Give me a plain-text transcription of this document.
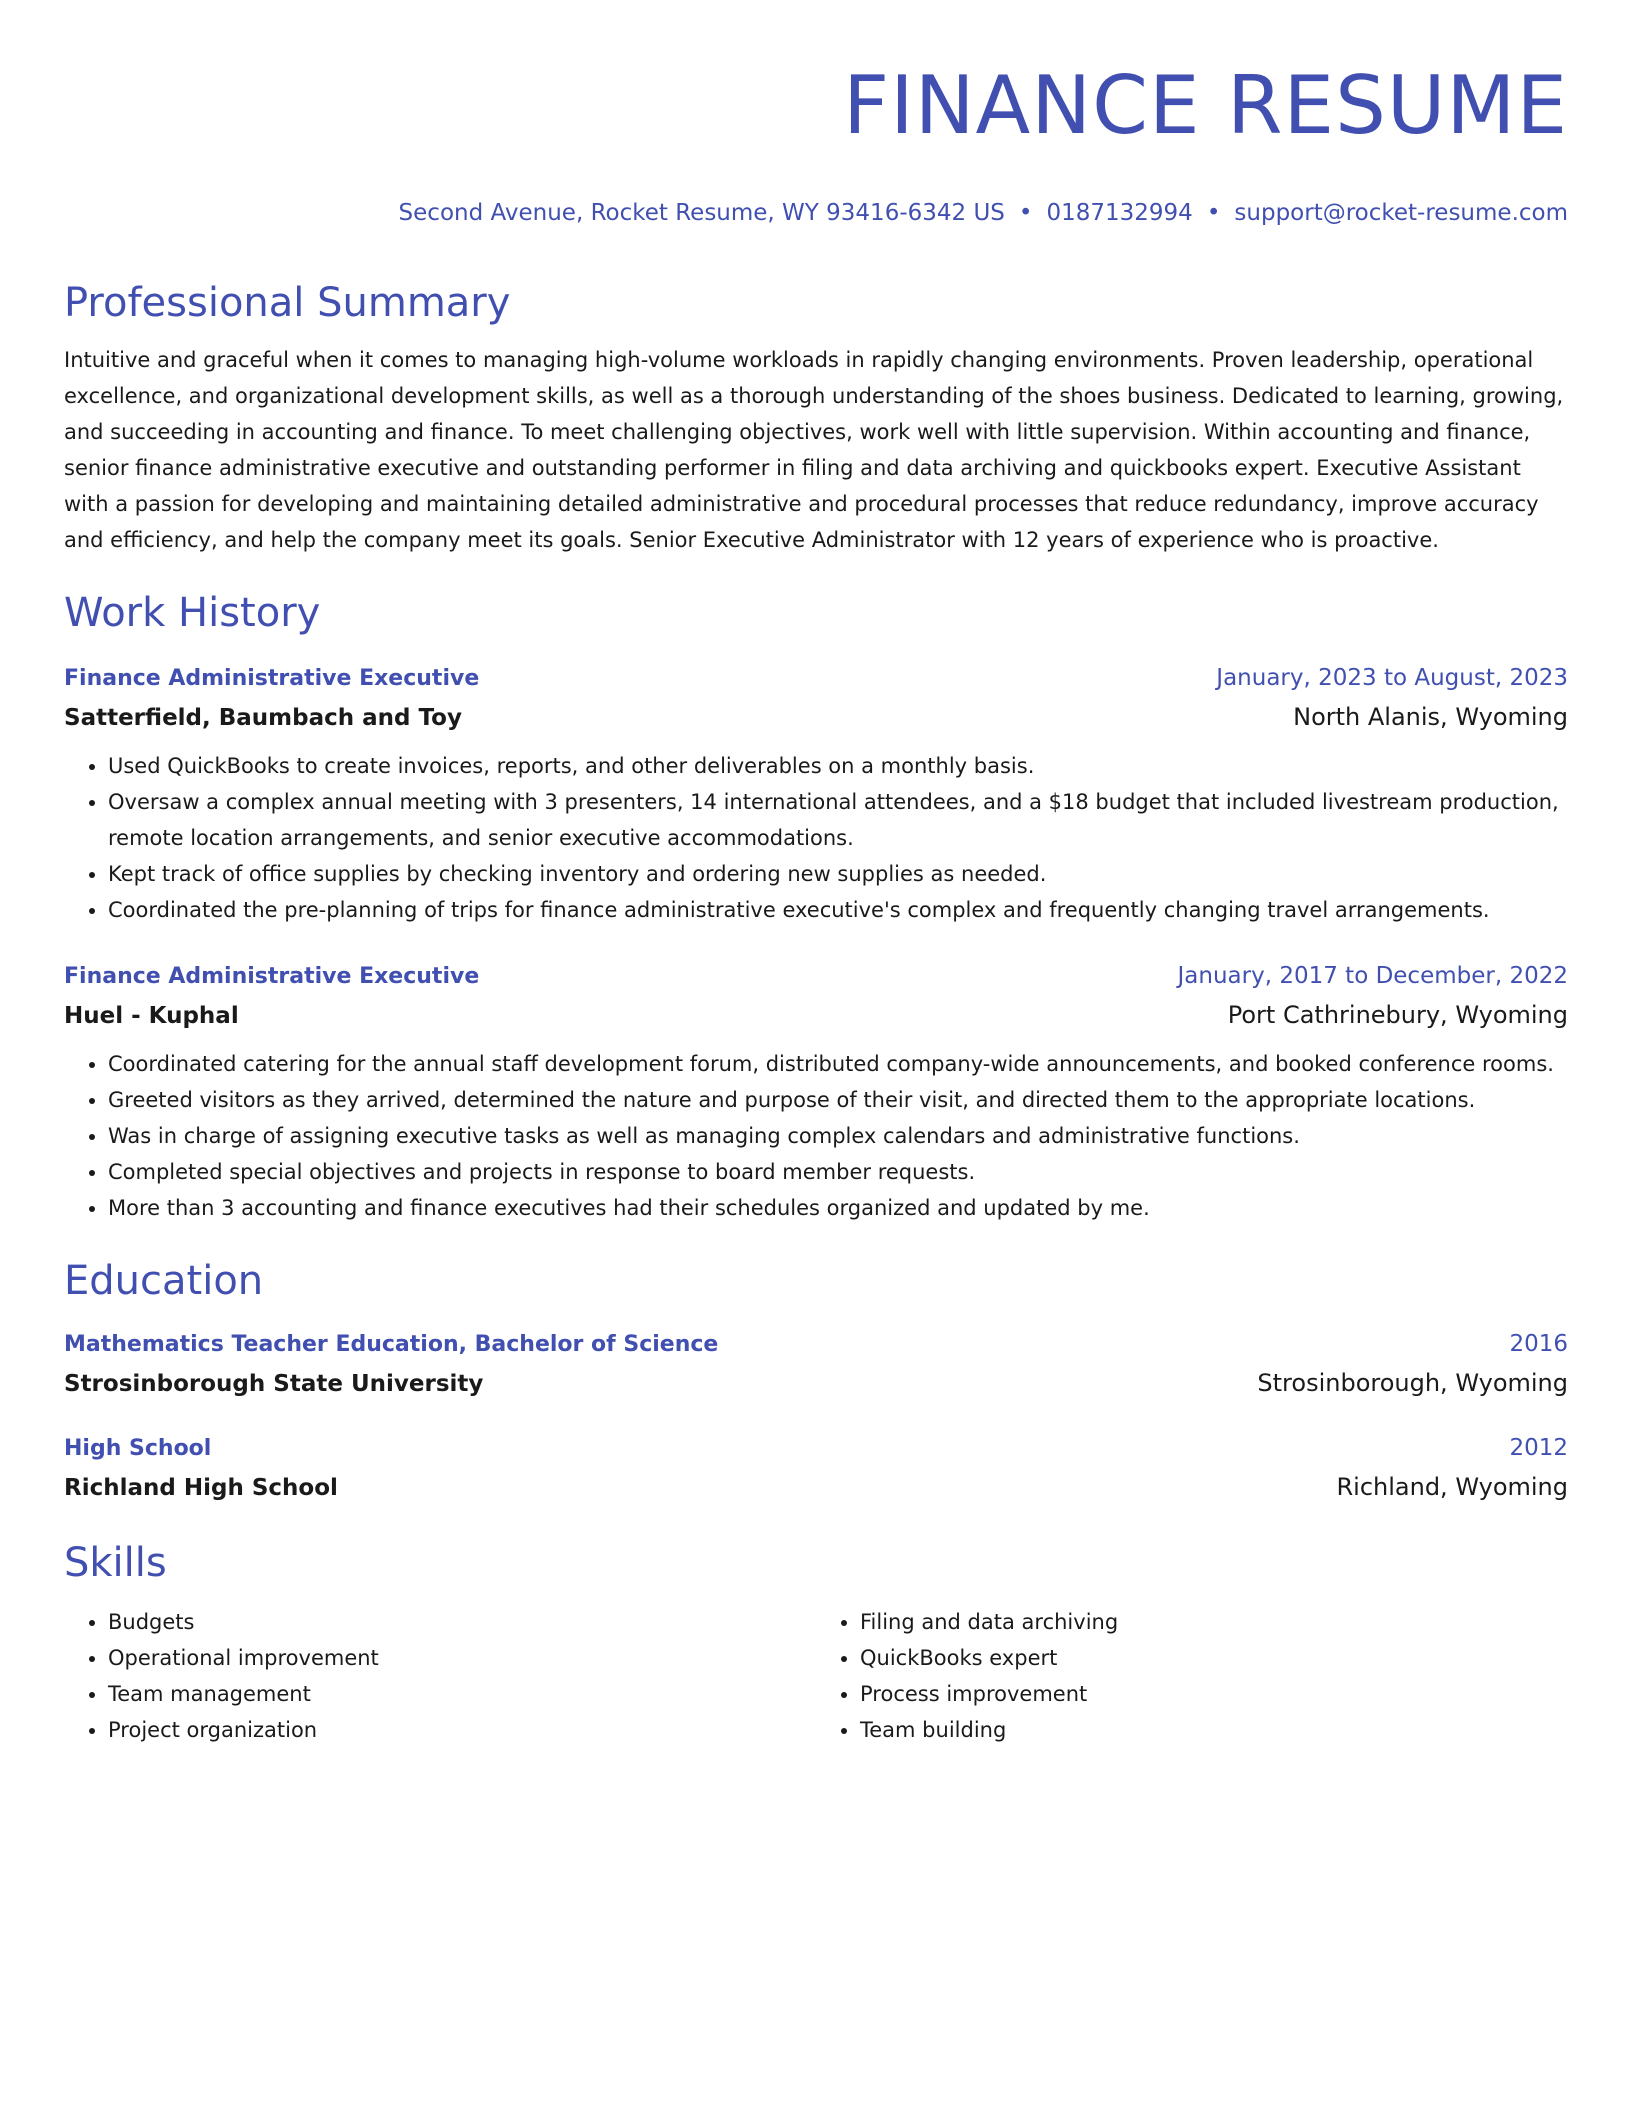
FINANCE RESUME
Second Avenue, Rocket Resume, WY 93416-6342 US • 0187132994 • support@rocket-resume.com
Professional Summary

Intuitive and graceful when it comes to managing high-volume workloads in rapidly changing environments. Proven leadership, operational excellence, and organizational development skills, as well as a thorough understanding of the shoes business. Dedicated to learning, growing, and succeeding in accounting and finance. To meet challenging objectives, work well with little supervision. Within accounting and finance, senior finance administrative executive and outstanding performer in filing and data archiving and quickbooks expert. Executive Assistant with a passion for developing and maintaining detailed administrative and procedural processes that reduce redundancy, improve accuracy and efficiency, and help the company meet its goals. Senior Executive Administrator with 12 years of experience who is proactive.

Work History
Finance Administrative Executive	January, 2023 to August, 2023
Satterfield, Baumbach and Toy	North Alanis, Wyoming
• Used QuickBooks to create invoices, reports, and other deliverables on a monthly basis.
• Oversaw a complex annual meeting with 3 presenters, 14 international attendees, and a $18 budget that included livestream production, remote location arrangements, and senior executive accommodations.
• Kept track of office supplies by checking inventory and ordering new supplies as needed.
• Coordinated the pre-planning of trips for finance administrative executive's complex and frequently changing travel arrangements.
Finance Administrative Executive	January, 2017 to December, 2022
Huel - Kuphal	Port Cathrinebury, Wyoming
• Coordinated catering for the annual staff development forum, distributed company-wide announcements, and booked conference rooms.
• Greeted visitors as they arrived, determined the nature and purpose of their visit, and directed them to the appropriate locations.
• Was in charge of assigning executive tasks as well as managing complex calendars and administrative functions.
• Completed special objectives and projects in response to board member requests.
• More than 3 accounting and finance executives had their schedules organized and updated by me.
Education
Mathematics Teacher Education, Bachelor of Science	2016
Strosinborough State University	Strosinborough, Wyoming
High School	2012
Richland High School	Richland, Wyoming
Skills
• Budgets
• Operational improvement
• Team management
• Project organization
• Filing and data archiving
• QuickBooks expert
• Process improvement
• Team building
